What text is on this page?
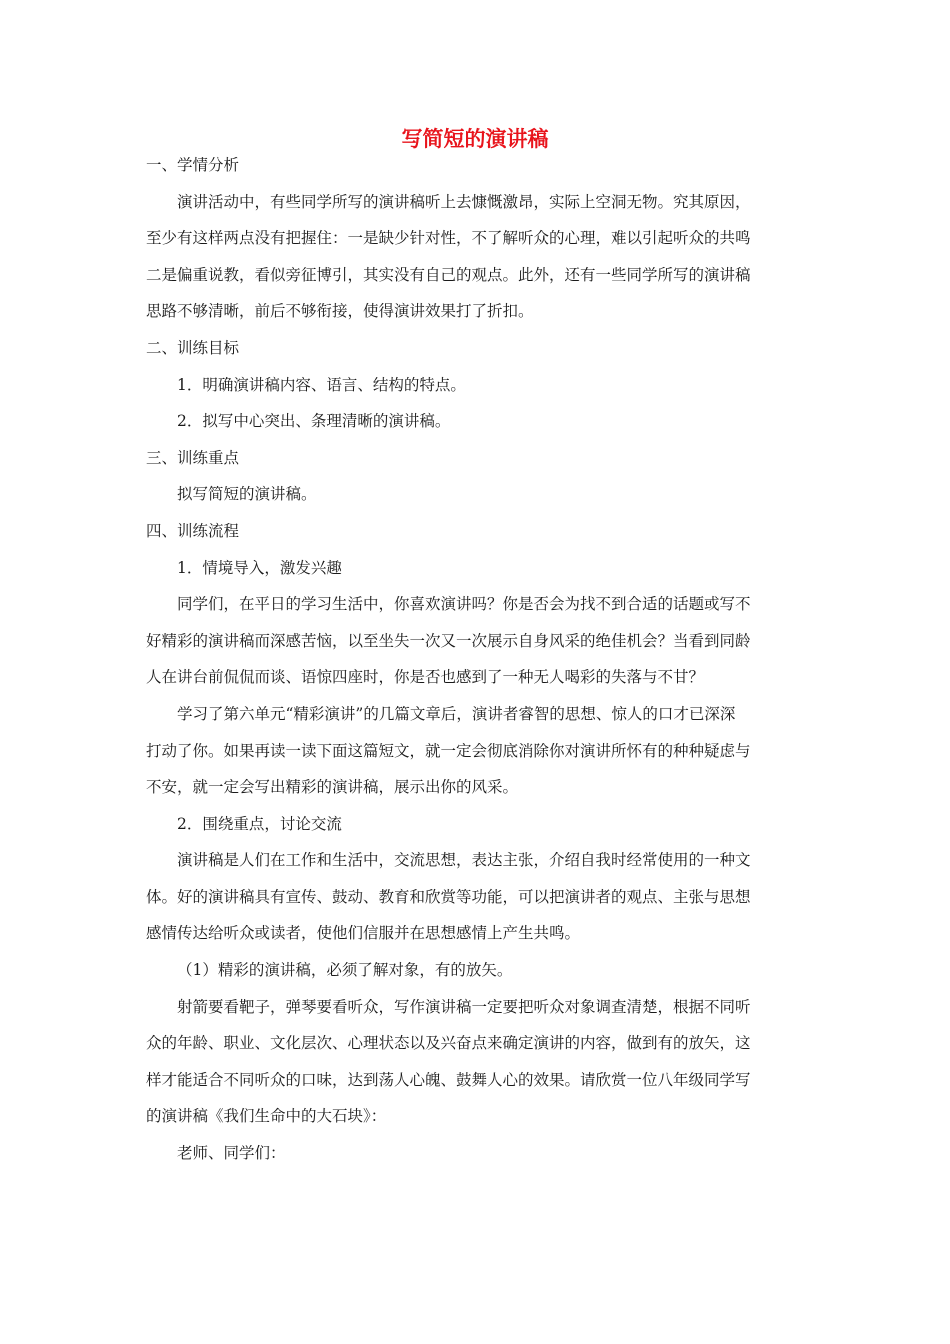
写简短的演讲稿

一、学情分析

演讲活动中，有些同学所写的演讲稿听上去慷慨激昂，实际上空洞无物。究其原因，

至少有这样两点没有把握住：一是缺少针对性，不了解听众的心理，难以引起听众的共鸣

二是偏重说教，看似旁征博引，其实没有自己的观点。此外，还有一些同学所写的演讲稿

思路不够清晰，前后不够衔接，使得演讲效果打了折扣。

二、训练目标

1．明确演讲稿内容、语言、结构的特点。

2．拟写中心突出、条理清晰的演讲稿。

三、训练重点

拟写简短的演讲稿。

四、训练流程

1．情境导入，激发兴趣

同学们，在平日的学习生活中，你喜欢演讲吗？你是否会为找不到合适的话题或写不

好精彩的演讲稿而深感苦恼，以至坐失一次又一次展示自身风采的绝佳机会？当看到同龄

人在讲台前侃侃而谈、语惊四座时，你是否也感到了一种无人喝彩的失落与不甘？

学习了第六单元“精彩演讲”的几篇文章后，演讲者睿智的思想、惊人的口才已深深

打动了你。如果再读一读下面这篇短文，就一定会彻底消除你对演讲所怀有的种种疑虑与

不安，就一定会写出精彩的演讲稿，展示出你的风采。

2．围绕重点，讨论交流

演讲稿是人们在工作和生活中，交流思想，表达主张，介绍自我时经常使用的一种文

体。好的演讲稿具有宣传、鼓动、教育和欣赏等功能，可以把演讲者的观点、主张与思想

感情传达给听众或读者，使他们信服并在思想感情上产生共鸣。

（1）精彩的演讲稿，必须了解对象，有的放矢。

射箭要看靶子，弹琴要看听众，写作演讲稿一定要把听众对象调查清楚，根据不同听

众的年龄、职业、文化层次、心理状态以及兴奋点来确定演讲的内容，做到有的放矢，这

样才能适合不同听众的口味，达到荡人心魄、鼓舞人心的效果。请欣赏一位八年级同学写

的演讲稿《我们生命中的大石块》：

老师、同学们：
